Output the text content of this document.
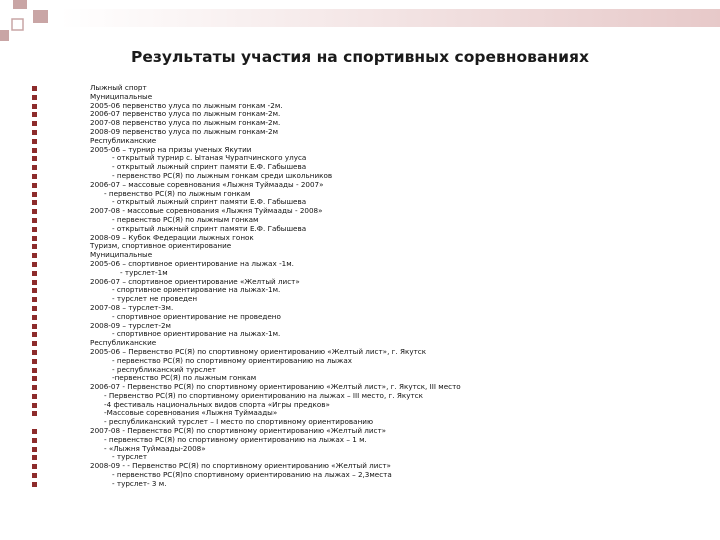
Результаты участия на спортивных соревнованиях
Лыжный спорт
Муниципальные
2005-06 первенство улуса по лыжным гонкам -2м.
2006-07 первенство улуса по лыжным гонкам-2м.
2007-08 первенство улуса по лыжным гонкам-2м.
2008-09 первенство улуса по лыжным гонкам-2м
Республиканские
2005-06 – турнир на призы ученых Якутии
- открытый турнир с. Ытаная Чурапчинского улуса
- открытый лыжный спринт памяти Е.Ф. Габышева
- первенство РС(Я) по лыжным гонкам среди школьников
2006-07 – массовые соревнования «Лыжня Туймаады - 2007»
- первенство РС(Я) по лыжным гонкам
- открытый лыжный спринт памяти Е.Ф. Габышева
2007-08 - массовые соревнования «Лыжня Туймаады - 2008»
- первенство РС(Я) по лыжным гонкам
- открытый лыжный спринт памяти Е.Ф. Габышева
2008-09 – Кубок Федерации лыжных гонок
Туризм, спортивное ориентирование
Муниципальные
2005-06 – спортивное ориентирование на лыжах -1м.
- турслет-1м
2006-07 – спортивное ориентирование «Желтый лист»
- спортивное ориентирование на лыжах-1м.
- турслет не проведен
2007-08 – турслет-3м.
- спортивное ориентирование не проведено
2008-09 – турслет-2м
- спортивное ориентирование на лыжах-1м.
Республиканские
2005-06 – Первенство РС(Я) по спортивному ориентированию «Желтый лист», г. Якутск
- первенство РС(Я) по спортивному ориентированию на лыжах
- республиканский турслет
-первенство РС(Я) по лыжным гонкам
2006-07 - Первенство РС(Я) по спортивному ориентированию «Желтый лист», г. Якутск, III место
- Первенство РС(Я) по спортивному ориентированию на лыжах – III место, г. Якутск
-4 фестиваль национальных видов спорта «Игры предков»
-Массовые соревнования «Лыжня Туймаады»
- республиканский турслет – I место по спортивному ориентированию
2007-08 - Первенство РС(Я) по спортивному ориентированию «Желтый лист»
- первенство РС(Я) по спортивному ориентированию на лыжах – 1 м.
- «Лыжня Туймаады-2008»
- турслет
2008-09 - - Первенство РС(Я) по спортивному ориентированию «Желтый лист»
- первенство РС(Я)по спортивному ориентированию на лыжах – 2,3места
- турслет- 3 м.
